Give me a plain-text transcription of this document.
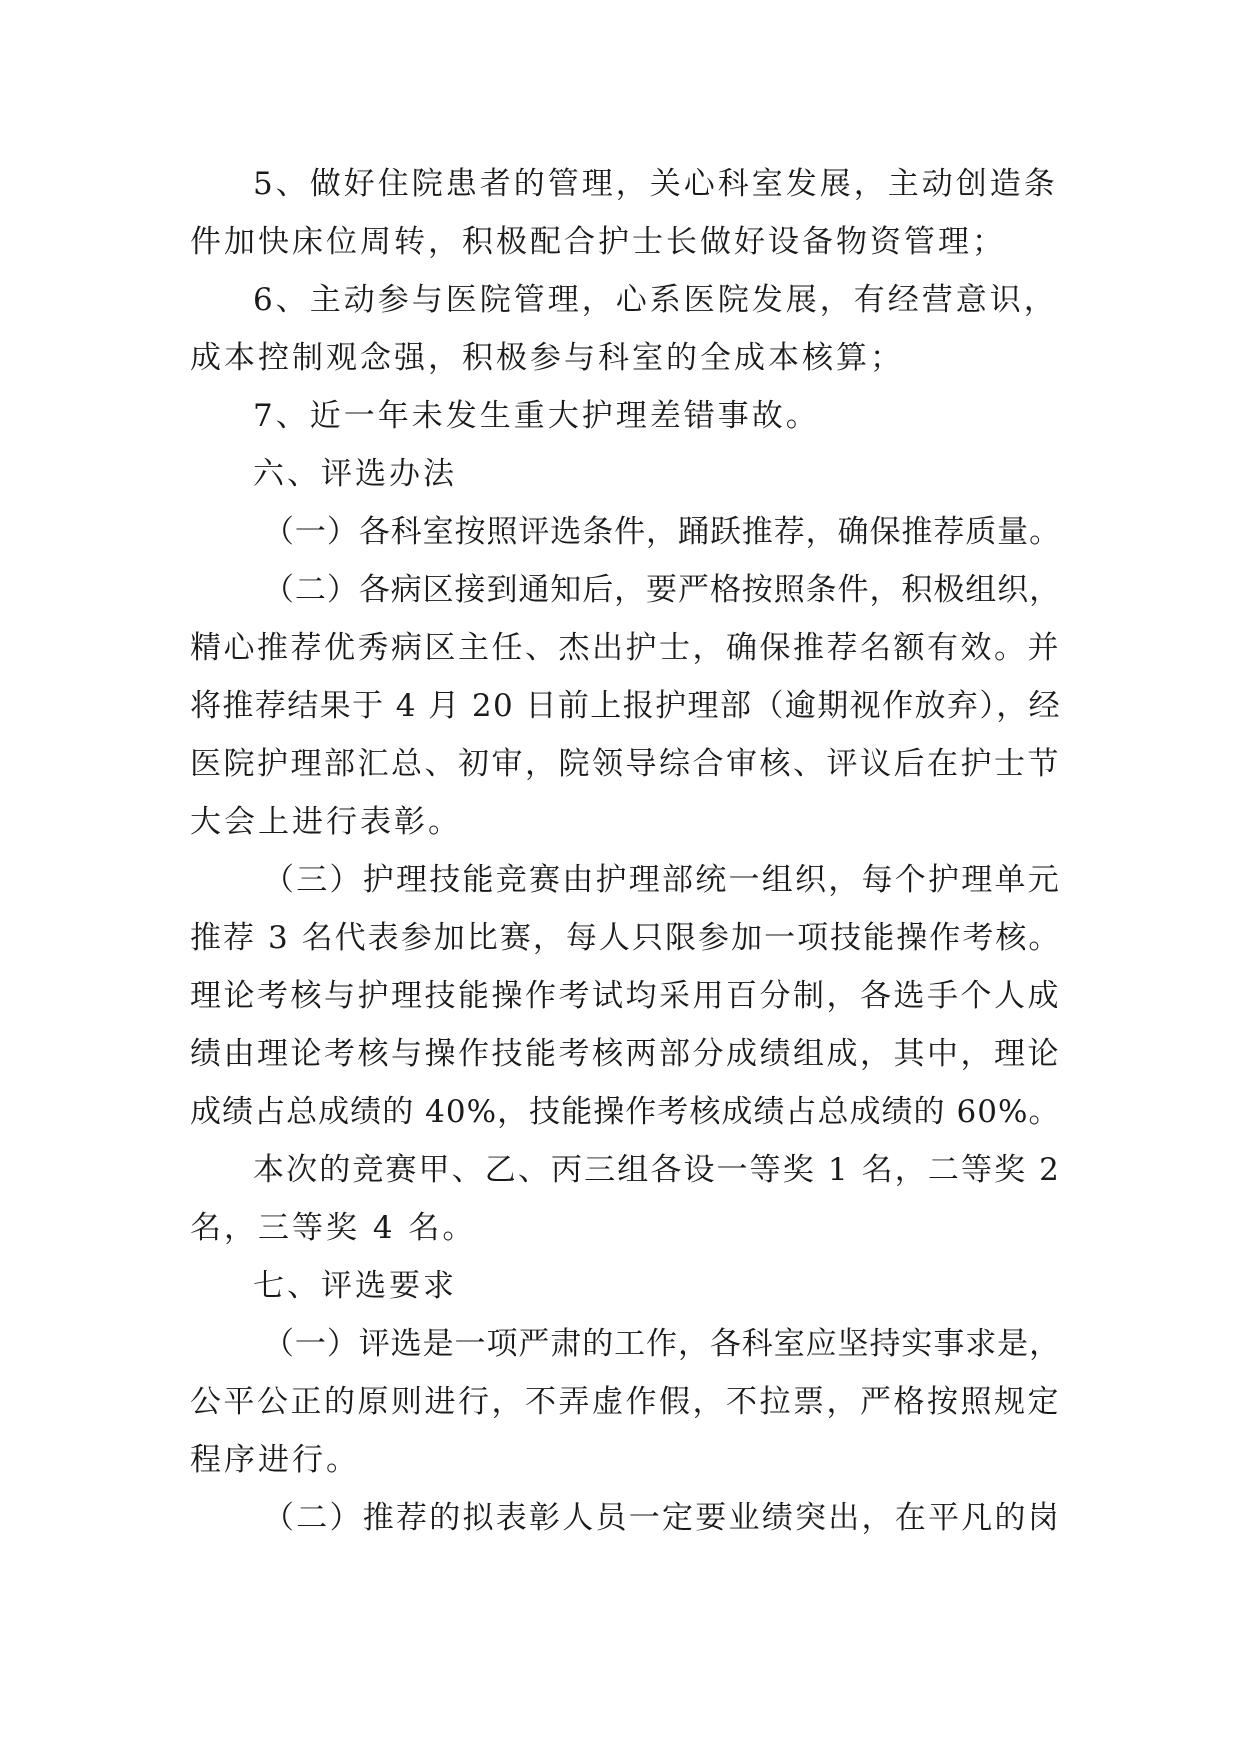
5、做好住院患者的管理，关心科室发展，主动创造条
件加快床位周转，积极配合护士长做好设备物资管理；
6、主动参与医院管理，心系医院发展，有经营意识，
成本控制观念强，积极参与科室的全成本核算；
7、近一年未发生重大护理差错事故。
六、评选办法
（一）各科室按照评选条件，踊跃推荐，确保推荐质量。
（二）各病区接到通知后，要严格按照条件，积极组织，
精心推荐优秀病区主任、杰出护士，确保推荐名额有效。并
将推荐结果于 4 月 20 日前上报护理部（逾期视作放弃），经
医院护理部汇总、初审，院领导综合审核、评议后在护士节
大会上进行表彰。
（三）护理技能竞赛由护理部统一组织，每个护理单元
推荐 3 名代表参加比赛，每人只限参加一项技能操作考核。
理论考核与护理技能操作考试均采用百分制，各选手个人成
绩由理论考核与操作技能考核两部分成绩组成，其中，理论
成绩占总成绩的 40%，技能操作考核成绩占总成绩的 60%。
本次的竞赛甲、乙、丙三组各设一等奖 1 名，二等奖 2
名，三等奖 4 名。
七、评选要求
（一）评选是一项严肃的工作，各科室应坚持实事求是，
公平公正的原则进行，不弄虚作假，不拉票，严格按照规定
程序进行。
（二）推荐的拟表彰人员一定要业绩突出，在平凡的岗
